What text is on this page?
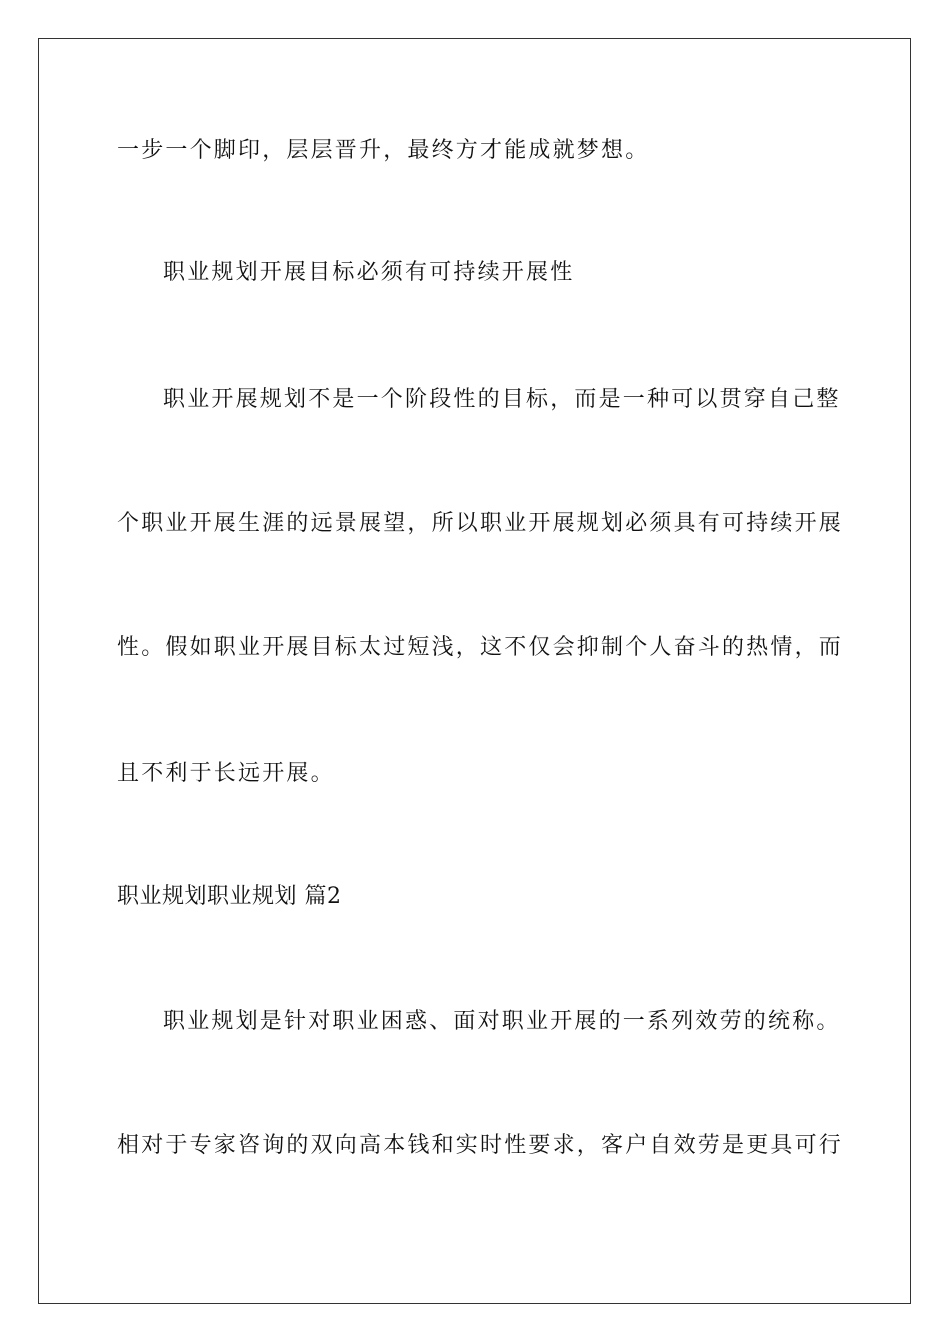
一步一个脚印，层层晋升，最终方才能成就梦想。
职业规划开展目标必须有可持续开展性
职业开展规划不是一个阶段性的目标，而是一种可以贯穿自己整
个职业开展生涯的远景展望，所以职业开展规划必须具有可持续开展
性。假如职业开展目标太过短浅，这不仅会抑制个人奋斗的热情，而
且不利于长远开展。
职业规划职业规划 篇2
职业规划是针对职业困惑、面对职业开展的一系列效劳的统称。
相对于专家咨询的双向高本钱和实时性要求，客户自效劳是更具可行
